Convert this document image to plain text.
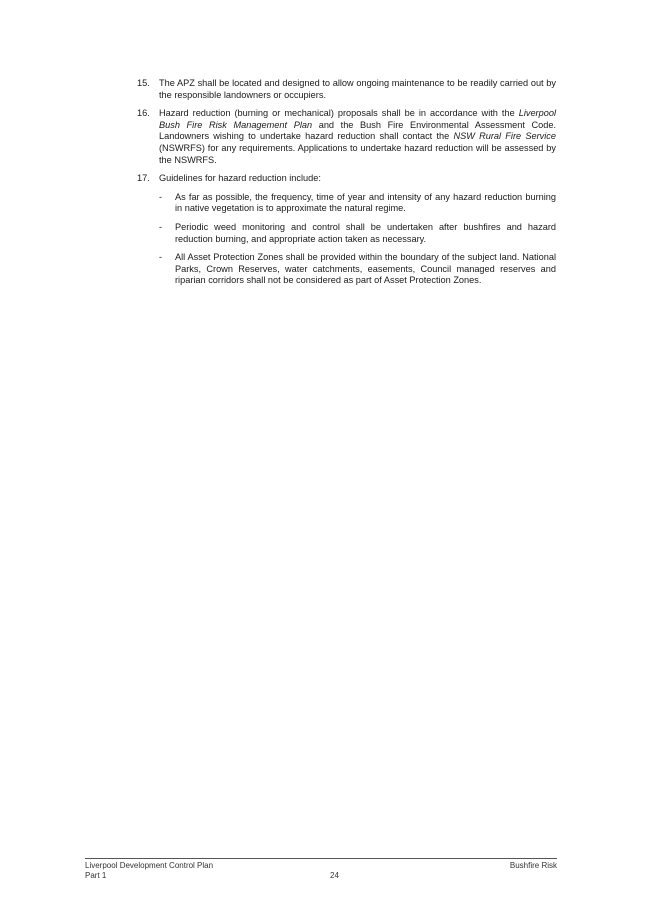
15. The APZ shall be located and designed to allow ongoing maintenance to be readily carried out by the responsible landowners or occupiers.
16. Hazard reduction (burning or mechanical) proposals shall be in accordance with the Liverpool Bush Fire Risk Management Plan and the Bush Fire Environmental Assessment Code. Landowners wishing to undertake hazard reduction shall contact the NSW Rural Fire Service (NSWRFS) for any requirements. Applications to undertake hazard reduction will be assessed by the NSWRFS.
17. Guidelines for hazard reduction include:
- As far as possible, the frequency, time of year and intensity of any hazard reduction burning in native vegetation is to approximate the natural regime.
- Periodic weed monitoring and control shall be undertaken after bushfires and hazard reduction burning, and appropriate action taken as necessary.
- All Asset Protection Zones shall be provided within the boundary of the subject land. National Parks, Crown Reserves, water catchments, easements, Council managed reserves and riparian corridors shall not be considered as part of Asset Protection Zones.
Liverpool Development Control Plan	Bushfire Risk
Part 1	24
